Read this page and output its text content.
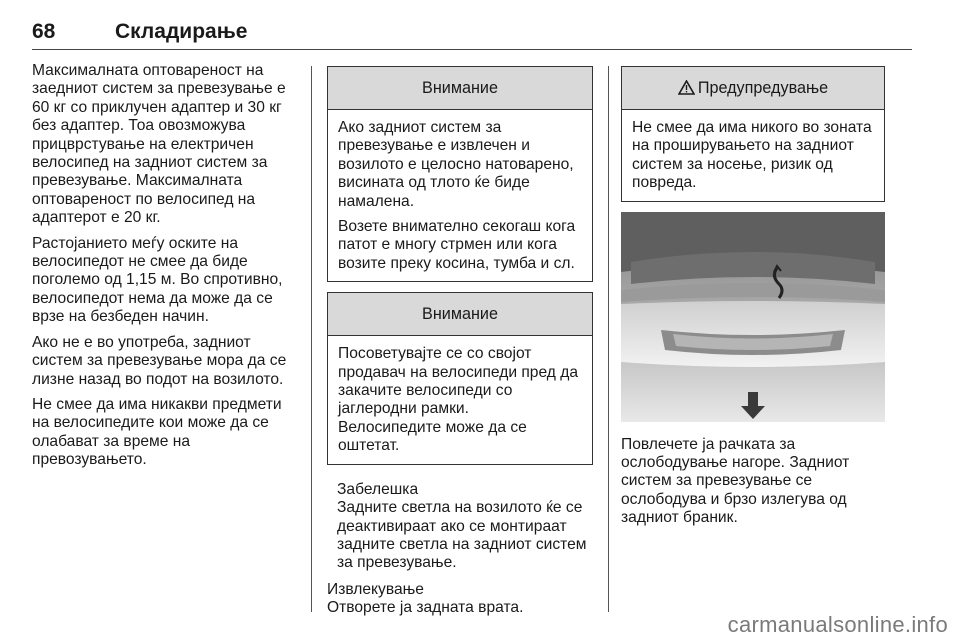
68	Складирање

Максималната оптовареност на заедниот систем за превезување е 60 кг со приклучен адаптер и 30 кг без адаптер. Тоа овозможува прицврстување на електричен велосипед на задниот систем за превезување. Максималната оптовареност по велосипед на адаптерот е 20 кг.

Растојанието меѓу оските на велосипедот не смее да биде поголемо од 1,15 м. Во спротивно, велосипедот нема да може да се врзе на безбеден начин.

Ако не е во употреба, задниот систем за превезување мора да се лизне назад во подот на возилото.

Не смее да има никакви предмети на велосипедите кои може да се олабават за време на превозувањето.

Внимание

Ако задниот систем за превезување е извлечен и возилото е целосно натоварено, висината од тлото ќе биде намалена.

Возете внимателно секогаш кога патот е многу стрмен или кога возите преку косина, тумба и сл.

Внимание

Посоветувајте се со својот продавач на велосипеди пред да закачите велосипеди со јаглеродни рамки.
Велосипедите може да се оштетат.

Забелешка
Задните светла на возилото ќе се деактивираат ако се монтираат задните светла на задниот систем за превезување.
Извлекување
Отворете ја задната врата.
Предупредување
Не смее да има никого во зоната на проширувањето на задниот систем за носење, ризик од повреда.
Повлечете ја рачката за ослободување нагоре. Задниот систем за превезување се ослободува и брзо излегува од задниот браник.
carmanualsonline.info
